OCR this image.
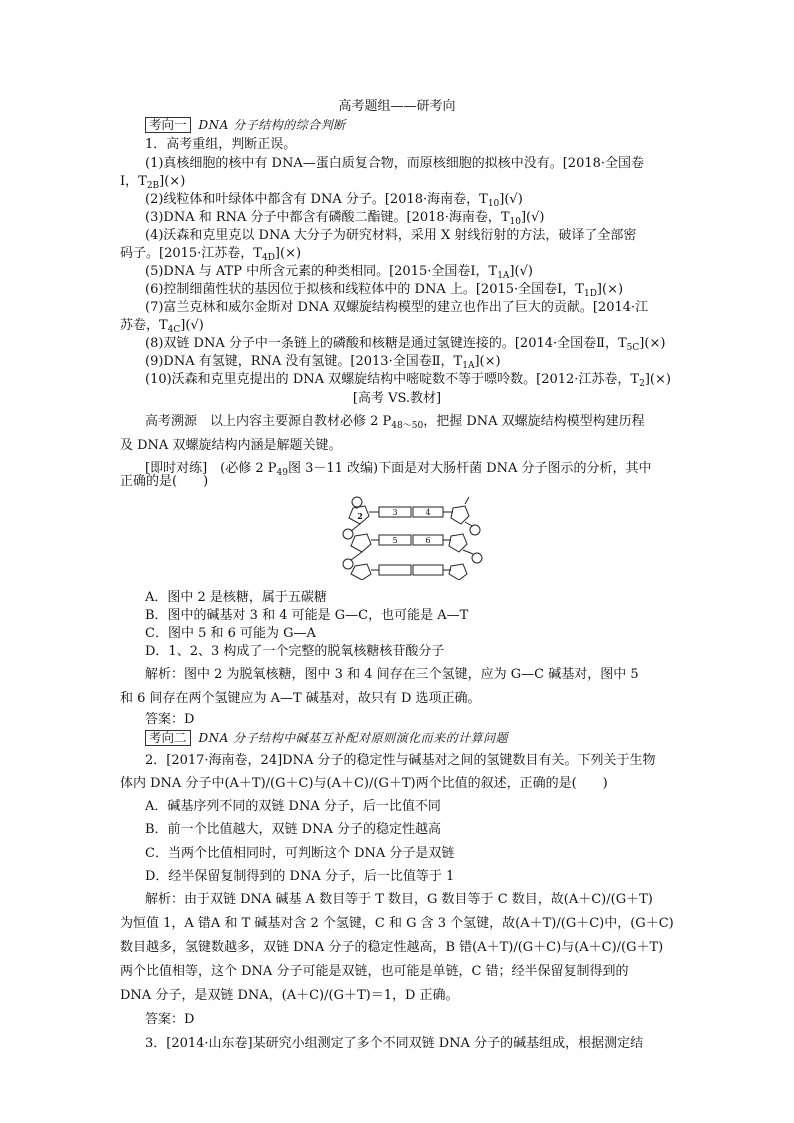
高考题组——研考向
考向一 DNA 分子结构的综合判断
1．高考重组，判断正误。
(1)真核细胞的核中有 DNA—蛋白质复合物，而原核细胞的拟核中没有。[2018·全国卷
Ⅰ，$T_{2B}](\times)$
(2)线粒体和叶绿体中都含有 DNA 分子。[2018·海南卷，$T_{10}](√)$
(3)DNA 和 RNA 分子中都含有磷酸二酯键。[2018·海南卷，$T_{10}](√)$
(4)沃森和克里克以 DNA 大分子为研究材料，采用 X 射线衍射的方法，破译了全部密
码子。[2015·江苏卷，$T_{4D}](\times)$
(5)DNA 与 ATP 中所含元素的种类相同。[2015·全国卷Ⅰ，$T_{1A}](√)$
(6)控制细菌性状的基因位于拟核和线粒体中的 DNA 上。[2015·全国卷Ⅰ，$T_{1D}](\times)$
(7)富兰克林和威尔金斯对 DNA 双螺旋结构模型的建立也作出了巨大的贡献。[2014·江
苏卷，$T_{4C}](√)$
(8)双链 DNA 分子中一条链上的磷酸和核糖是通过氢键连接的。[2014·全国卷Ⅱ，$T_{5C}](\times)$
(9)DNA 有氢键，RNA 没有氢键。[2013·全国卷Ⅱ，$T_{1A}](\times)$
(10)沃森和克里克提出的 DNA 双螺旋结构中嘧啶数不等于嘌呤数。[2012·江苏卷，$T_2](\times)$
[高考 VS.教材]
高考溯源　以上内容主要源自教材必修 2 $P_{48\sim 50}$，把握 DNA 双螺旋结构模型构建历程
及 DNA 双螺旋结构内涵是解题关键。
[即时对练]　(必修 2 $P_{49}$图 3－11 改编)下面是对大肠杆菌 DNA 分子图示的分析，其中
正确的是(　　)
2	3	4
5	6
A．图中 2 是核糖，属于五碳糖
B．图中的碱基对 3 和 4 可能是 G—C，也可能是 A—T
C．图中 5 和 6 可能为 G—A
D．1、2、3 构成了一个完整的脱氧核糖核苷酸分子
解析：图中 2 为脱氧核糖，图中 3 和 4 间存在三个氢键，应为 G—C 碱基对，图中 5
和 6 间存在两个氢键应为 A—T 碱基对，故只有 D 选项正确。
答案：D
考向二 DNA 分子结构中碱基互补配对原则演化而来的计算问题
2．[2017·海南卷，24]DNA 分子的稳定性与碱基对之间的氢键数目有关。下列关于生物
体内 DNA 分子中(A＋T)/(G＋C)与(A＋C)/(G＋T)两个比值的叙述，正确的是(　　)
A．碱基序列不同的双链 DNA 分子，后一比值不同
B．前一个比值越大，双链 DNA 分子的稳定性越高
C．当两个比值相同时，可判断这个 DNA 分子是双链
D．经半保留复制得到的 DNA 分子，后一比值等于 1
解析：由于双链 DNA 碱基 A 数目等于 T 数目，G 数目等于 C 数目，故(A＋C)/(G＋T)
为恒值 1，A 错A 和 T 碱基对含 2 个氢键，C 和 G 含 3 个氢键，故(A＋T)/(G＋C)中，(G＋C)
数目越多，氢键数越多，双链 DNA 分子的稳定性越高，B 错(A＋T)/(G＋C)与(A＋C)/(G＋T)
两个比值相等，这个 DNA 分子可能是双链，也可能是单链，C 错；经半保留复制得到的
DNA 分子，是双链 DNA，(A＋C)/(G＋T)＝1，D 正确。
答案：D
3．[2014·山东卷]某研究小组测定了多个不同双链 DNA 分子的碱基组成，根据测定结
